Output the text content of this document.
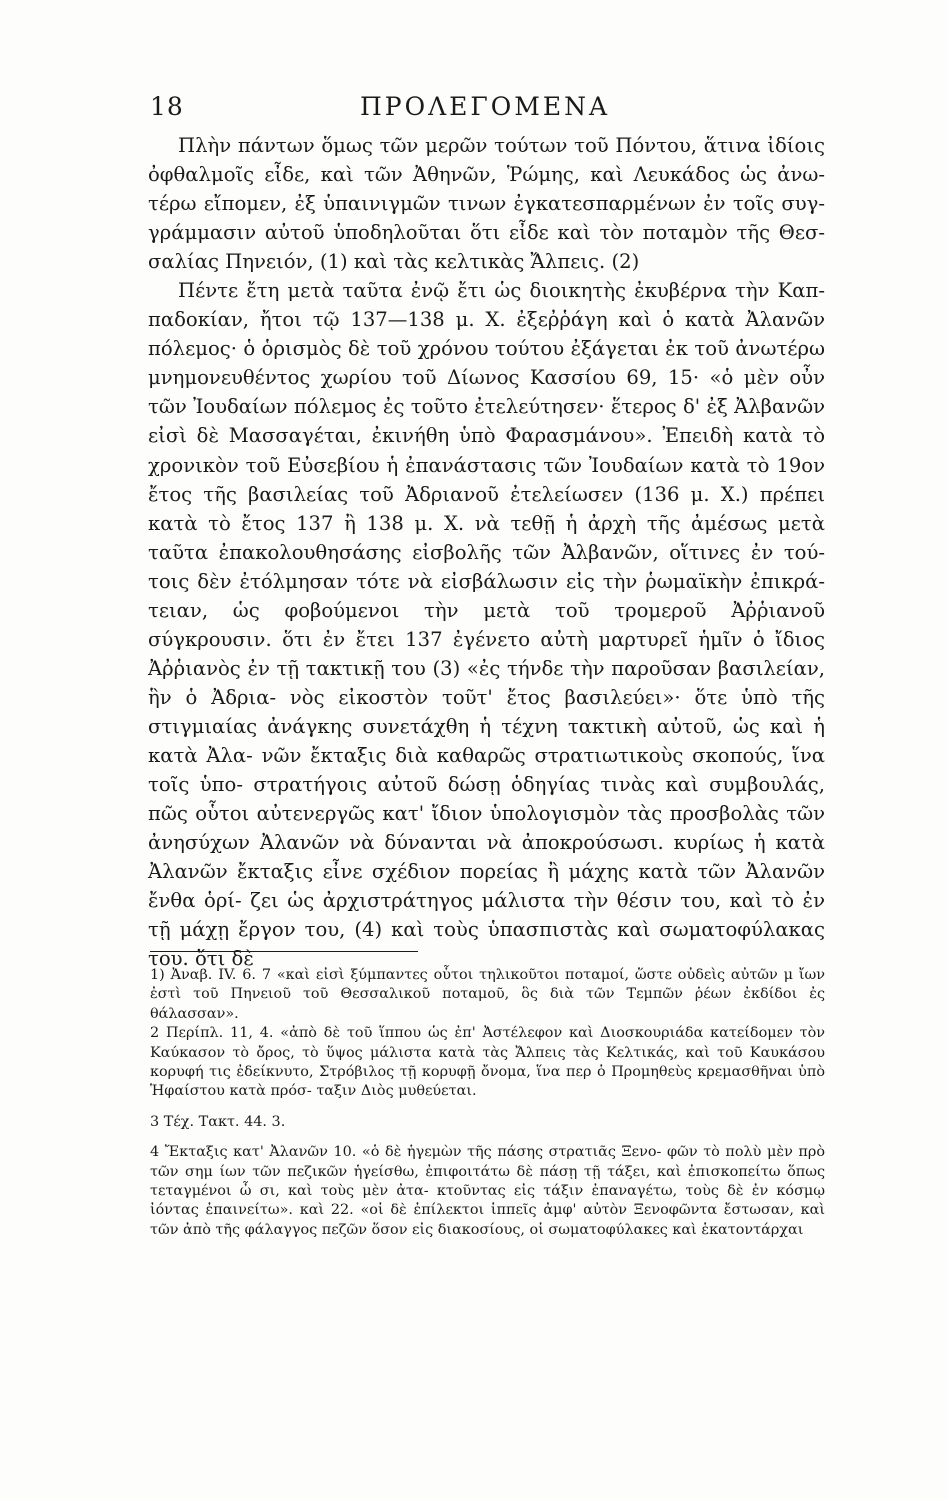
18	ΠΡΟΛΕΓΟΜΕΝΑ

Πλὴν πάντων ὅμως τῶν μερῶν τούτων τοῦ Πόντου, ἅτινα ἰδίοις ὀφθαλμοῖς εἶδε, καὶ τῶν Ἀθηνῶν, Ῥώμης, καὶ Λευκάδος ὡς ἀνω- τέρω εἴπομεν, ἐξ ὑπαινιγμῶν τινων ἐγκατεσπαρμένων ἐν τοῖς συγ- γράμμασιν αὐτοῦ ὑποδηλοῦται ὅτι εἶδε καὶ τὸν ποταμὸν τῆς Θεσ- σαλίας Πηνειόν, (1) καὶ τὰς κελτικὰς Ἄλπεις. (2)

Πέντε ἔτη μετὰ ταῦτα ἐνῷ ἔτι ὡς διοικητὴς ἐκυβέρνα τὴν Καπ- παδοκίαν, ἤτοι τῷ 137—138 μ. Χ. ἐξεῤῥάγη καὶ ὁ κατὰ Ἀλανῶν πόλεμος· ὁ ὁρισμὸς δὲ τοῦ χρόνου τούτου ἐξάγεται ἐκ τοῦ ἀνωτέρω μνημονευθέντος χωρίου τοῦ Δίωνος Κασσίου 69, 15· «ὁ μὲν οὖν τῶν Ἰουδαίων πόλεμος ἐς τοῦτο ἐτελεύτησεν· ἕτερος δ' ἐξ Ἀλβανῶν εἰσὶ δὲ Μασσαγέται, ἐκινήθη ὑπὸ Φαρασμάνου». Ἐπειδὴ κατὰ τὸ χρονικὸν τοῦ Εὐσεβίου ἡ ἐπανάστασις τῶν Ἰουδαίων κατὰ τὸ 19ον ἔτος τῆς βασιλείας τοῦ Ἀδριανοῦ ἐτελείωσεν (136 μ. Χ.) πρέπει κατὰ τὸ ἔτος 137 ἢ 138 μ. Χ. νὰ τεθῇ ἡ ἀρχὴ τῆς ἀμέσως μετὰ ταῦτα ἐπακολουθησάσης εἰσβολῆς τῶν Ἀλβανῶν, οἵτινες ἐν τού- τοις δὲν ἐτόλμησαν τότε νὰ εἰσβάλωσιν εἰς τὴν ῥωμαϊκὴν ἐπικρά- τειαν, ὡς φοβούμενοι τὴν μετὰ τοῦ τρομεροῦ Ἀῤῥιανοῦ σύγκρουσιν. ὅτι ἐν ἔτει 137 ἐγένετο αὐτὴ μαρτυρεῖ ἡμῖν ὁ ἴδιος Ἀῤῥιανὸς ἐν τῇ τακτικῇ του (3) «ἐς τήνδε τὴν παροῦσαν βασιλείαν, ἣν ὁ Ἀδρια- νὸς εἰκοστὸν τοῦτ' ἔτος βασιλεύει»· ὅτε ὑπὸ τῆς στιγμιαίας ἀνάγκης συνετάχθη ἡ τέχνη τακτικὴ αὐτοῦ, ὡς καὶ ἡ κατὰ Ἀλα- νῶν ἔκταξις διὰ καθαρῶς στρατιωτικοὺς σκοπούς, ἵνα τοῖς ὑπο- στρατήγοις αὐτοῦ δώσῃ ὁδηγίας τινὰς καὶ συμβουλάς, πῶς οὗτοι αὐτενεργῶς κατ' ἴδιον ὑπολογισμὸν τὰς προσβολὰς τῶν ἀνησύχων Ἀλανῶν νὰ δύνανται νὰ ἀποκρούσωσι. κυρίως ἡ κατὰ Ἀλανῶν ἔκταξις εἶνε σχέδιον πορείας ἢ μάχης κατὰ τῶν Ἀλανῶν ἔνθα ὁρί- ζει ὡς ἀρχιστράτηγος μάλιστα τὴν θέσιν του, καὶ τὸ ἐν τῇ μάχῃ ἔργον του, (4) καὶ τοὺς ὑπασπιστὰς καὶ σωματοφύλακας του. ὅτι δὲ

1) Ἀναβ. IV. 6. 7 «καὶ εἰσὶ ξύμπαντες οὗτοι τηλικοῦτοι ποταμοί, ὥστε οὐδεὶς αὐτῶν μ ἴων ἐστὶ τοῦ Πηνειοῦ τοῦ Θεσσαλικοῦ ποταμοῦ, ὃς διὰ τῶν Τεμπῶν ῥέων ἐκδίδοι ἐς θάλασσαν».

2 Περίπλ. 11, 4. «ἀπὸ δὲ τοῦ ἵππου ὡς ἐπ' Ἀστέλεφον καὶ Διοσκουριάδα κατείδομεν τὸν Καύκασον τὸ ὄρος, τὸ ὕψος μάλιστα κατὰ τὰς Ἄλπεις τὰς Κελτικάς, καὶ τοῦ Καυκάσου κορυφή τις ἐδείκνυτο, Στρόβιλος τῇ κορυφῇ ὄνομα, ἵνα περ ὁ Προμηθεὺς κρεμασθῆναι ὑπὸ Ἡφαίστου κατὰ πρόσ- ταξιν Διὸς μυθεύεται.

3 Τέχ. Τακτ. 44. 3.

4 Ἔκταξις κατ' Ἀλανῶν 10. «ὁ δὲ ἡγεμὼν τῆς πάσης στρατιᾶς Ξενο- φῶν τὸ πολὺ μὲν πρὸ τῶν σημ ίων τῶν πεζικῶν ἡγείσθω, ἐπιφοιτάτω δὲ πάσῃ τῇ τάξει, καὶ ἐπισκοπείτω ὅπως τεταγμένοι ὦ σι, καὶ τοὺς μὲν ἀτα- κτοῦντας εἰς τάξιν ἐπαναγέτω, τοὺς δὲ ἐν κόσμῳ ἰόντας ἐπαινείτω». καὶ 22. «οἱ δὲ ἐπίλεκτοι ἱππεῖς ἀμφ' αὐτὸν Ξενοφῶντα ἔστωσαν, καὶ τῶν ἀπὸ τῆς φάλαγγος πεζῶν ὅσον εἰς διακοσίους, οἱ σωματοφύλακες καὶ ἑκατοντάρχαι
